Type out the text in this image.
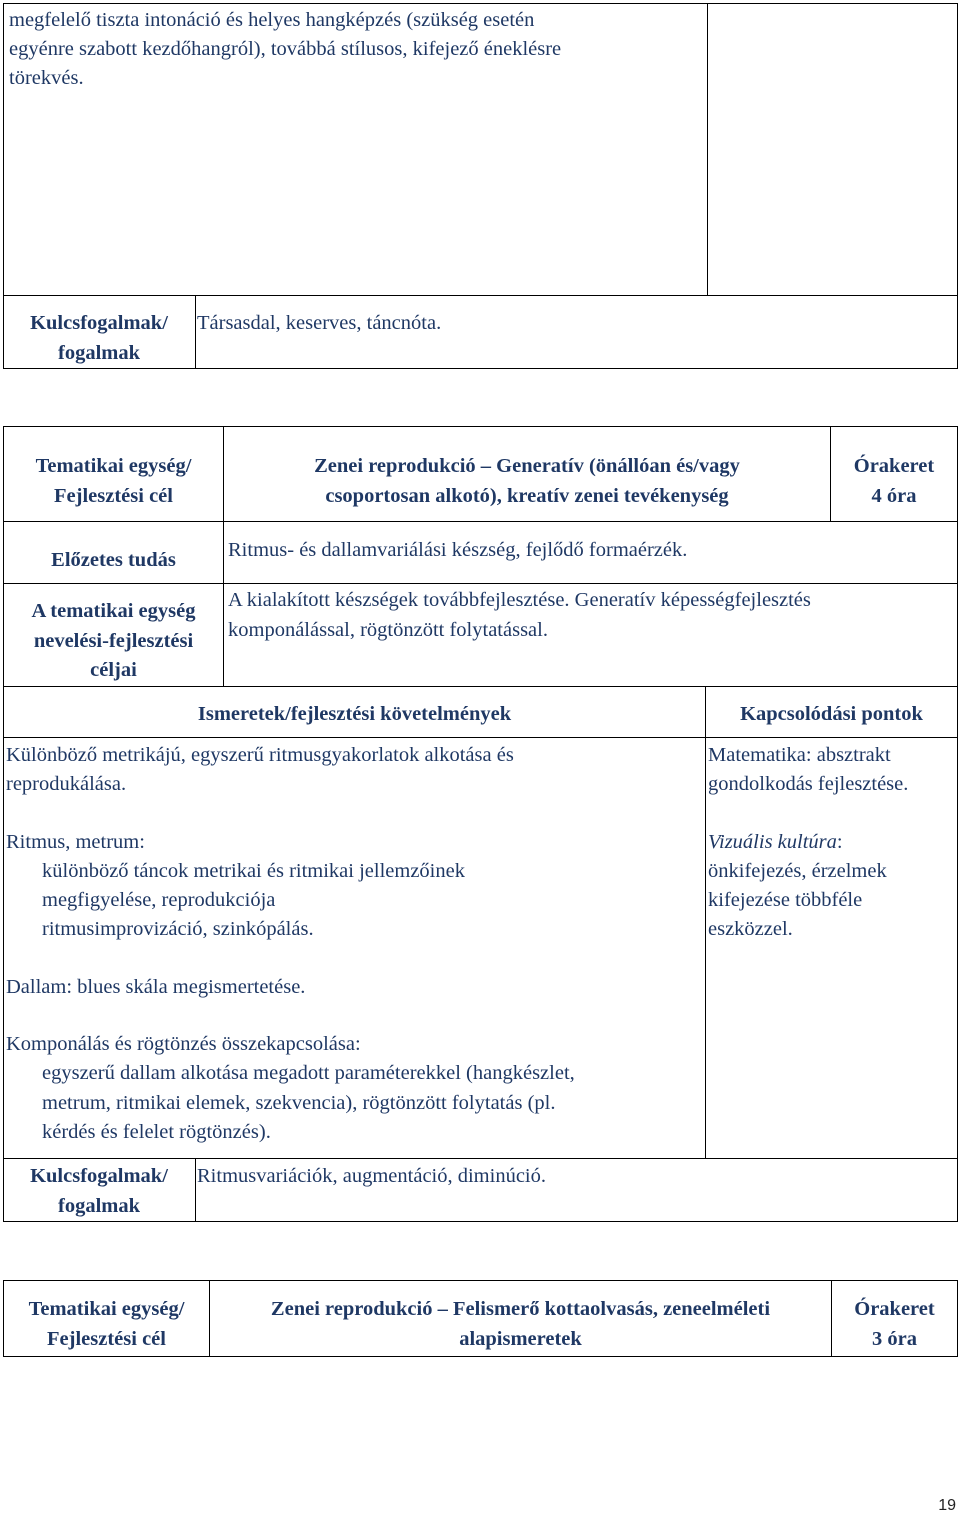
megfelelő tiszta intonáció és helyes hangképzés (szükség esetén
egyénre szabott kezdőhangról), továbbá stílusos, kifejező éneklésre
törekvés.
Kulcsfogalmak/
fogalmak
Társasdal, keserves, táncnóta.
Tematikai egység/
Fejlesztési cél
Zenei reprodukció – Generatív (önállóan és/vagy
csoportosan alkotó), kreatív zenei tevékenység
Órakeret
4 óra
Előzetes tudás	Ritmus- és dallamvariálási készség, fejlődő formaérzék.
A tematikai egység
nevelési-fejlesztési
céljai
A kialakított készségek továbbfejlesztése. Generatív képességfejlesztés
komponálással, rögtönzött folytatással.
Ismeretek/fejlesztési követelmények	Kapcsolódási pontok
Különböző metrikájú, egyszerű ritmusgyakorlatok alkotása és
reprodukálása.
Ritmus, metrum:
különböző táncok metrikai és ritmikai jellemzőinek
megfigyelése, reprodukciója
ritmusimprovizáció, szinkópálás.
Dallam: blues skála megismertetése.
Komponálás és rögtönzés összekapcsolása:
egyszerű dallam alkotása megadott paraméterekkel (hangkészlet,
metrum, ritmikai elemek, szekvencia), rögtönzött folytatás (pl.
kérdés és felelet rögtönzés).
Matematika: absztrakt
gondolkodás fejlesztése.
Vizuális kultúra:
önkifejezés, érzelmek
kifejezése többféle
eszközzel.
Kulcsfogalmak/
fogalmak
Ritmusvariációk, augmentáció, diminúció.
Tematikai egység/
Fejlesztési cél
Zenei reprodukció – Felismerő kottaolvasás, zeneelméleti
alapismeretek
Órakeret
3 óra
19
